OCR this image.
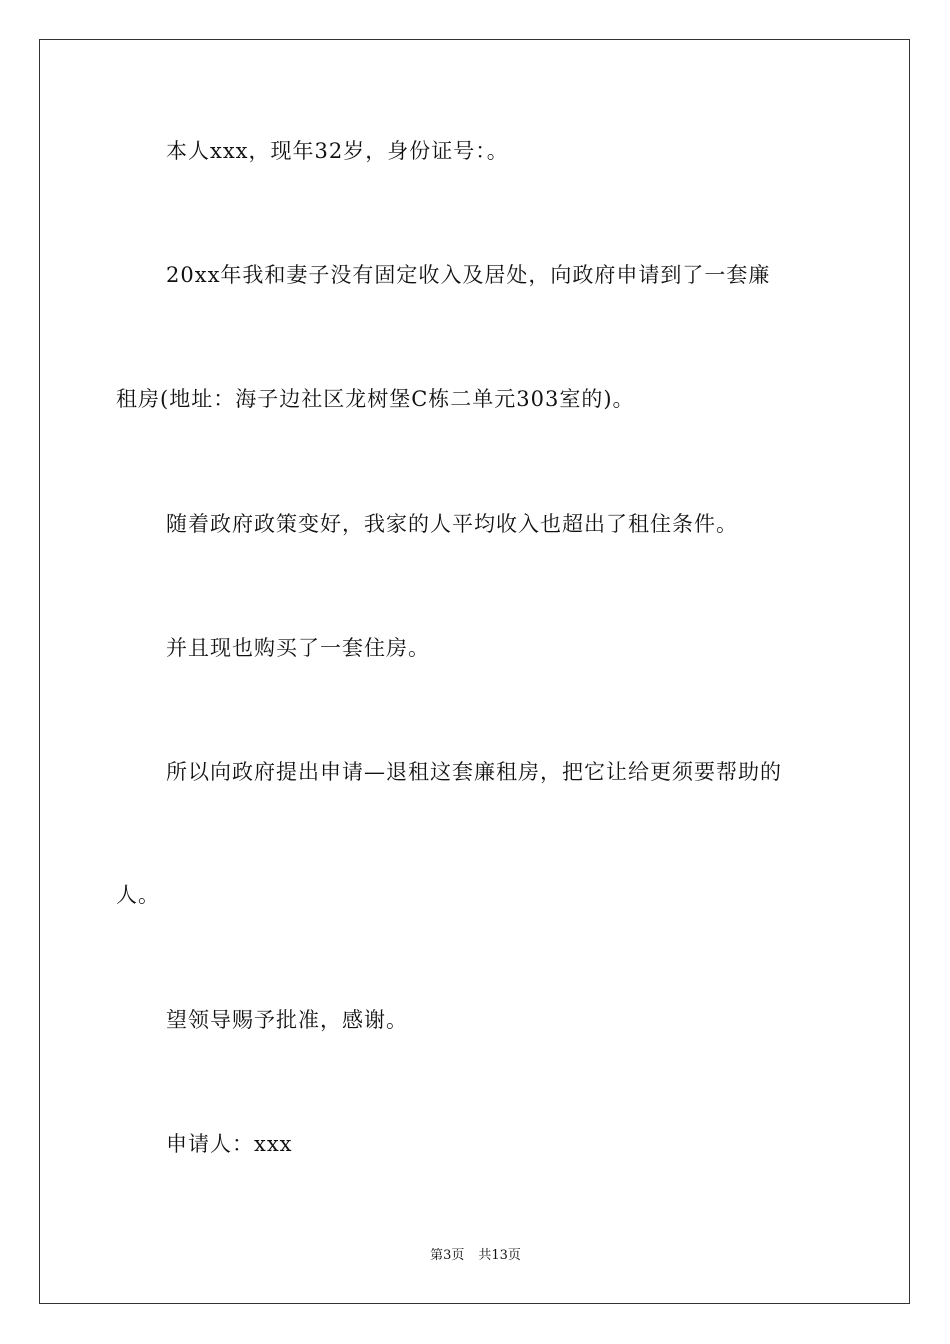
本人xxx，现年32岁，身份证号：。
20xx年我和妻子没有固定收入及居处，向政府申请到了一套廉
租房(地址：海子边社区龙树堡C栋二单元303室的)。
随着政府政策变好，我家的人平均收入也超出了租住条件。
并且现也购买了一套住房。
所以向政府提出申请—退租这套廉租房，把它让给更须要帮助的
人。
望领导赐予批准，感谢。
申请人：xxx
第3页 共13页
